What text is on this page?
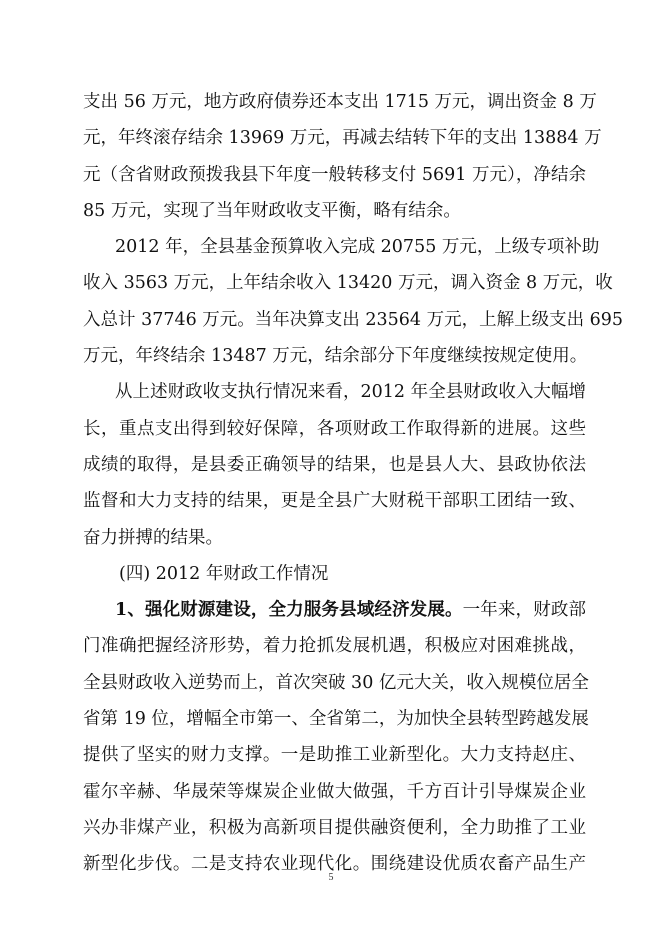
支出 56 万元，地方政府债券还本支出 1715 万元，调出资金 8 万
元，年终滚存结余 13969 万元，再减去结转下年的支出 13884 万
元（含省财政预拨我县下年度一般转移支付 5691 万元），净结余
85 万元，实现了当年财政收支平衡，略有结余。
2012 年，全县基金预算收入完成 20755 万元，上级专项补助
收入 3563 万元，上年结余收入 13420 万元，调入资金 8 万元，收
入总计 37746 万元。当年决算支出 23564 万元，上解上级支出 695
万元，年终结余 13487 万元，结余部分下年度继续按规定使用。
从上述财政收支执行情况来看，2012 年全县财政收入大幅增
长，重点支出得到较好保障，各项财政工作取得新的进展。这些
成绩的取得，是县委正确领导的结果，也是县人大、县政协依法
监督和大力支持的结果，更是全县广大财税干部职工团结一致、
奋力拼搏的结果。
(四) 2012 年财政工作情况
1、强化财源建设，全力服务县域经济发展。一年来，财政部
门准确把握经济形势，着力抢抓发展机遇，积极应对困难挑战，
全县财政收入逆势而上，首次突破 30 亿元大关，收入规模位居全
省第 19 位，增幅全市第一、全省第二，为加快全县转型跨越发展
提供了坚实的财力支撑。一是助推工业新型化。大力支持赵庄、
霍尔辛赫、华晟荣等煤炭企业做大做强，千方百计引导煤炭企业
兴办非煤产业，积极为高新项目提供融资便利，全力助推了工业
新型化步伐。二是支持农业现代化。围绕建设优质农畜产品生产
5
